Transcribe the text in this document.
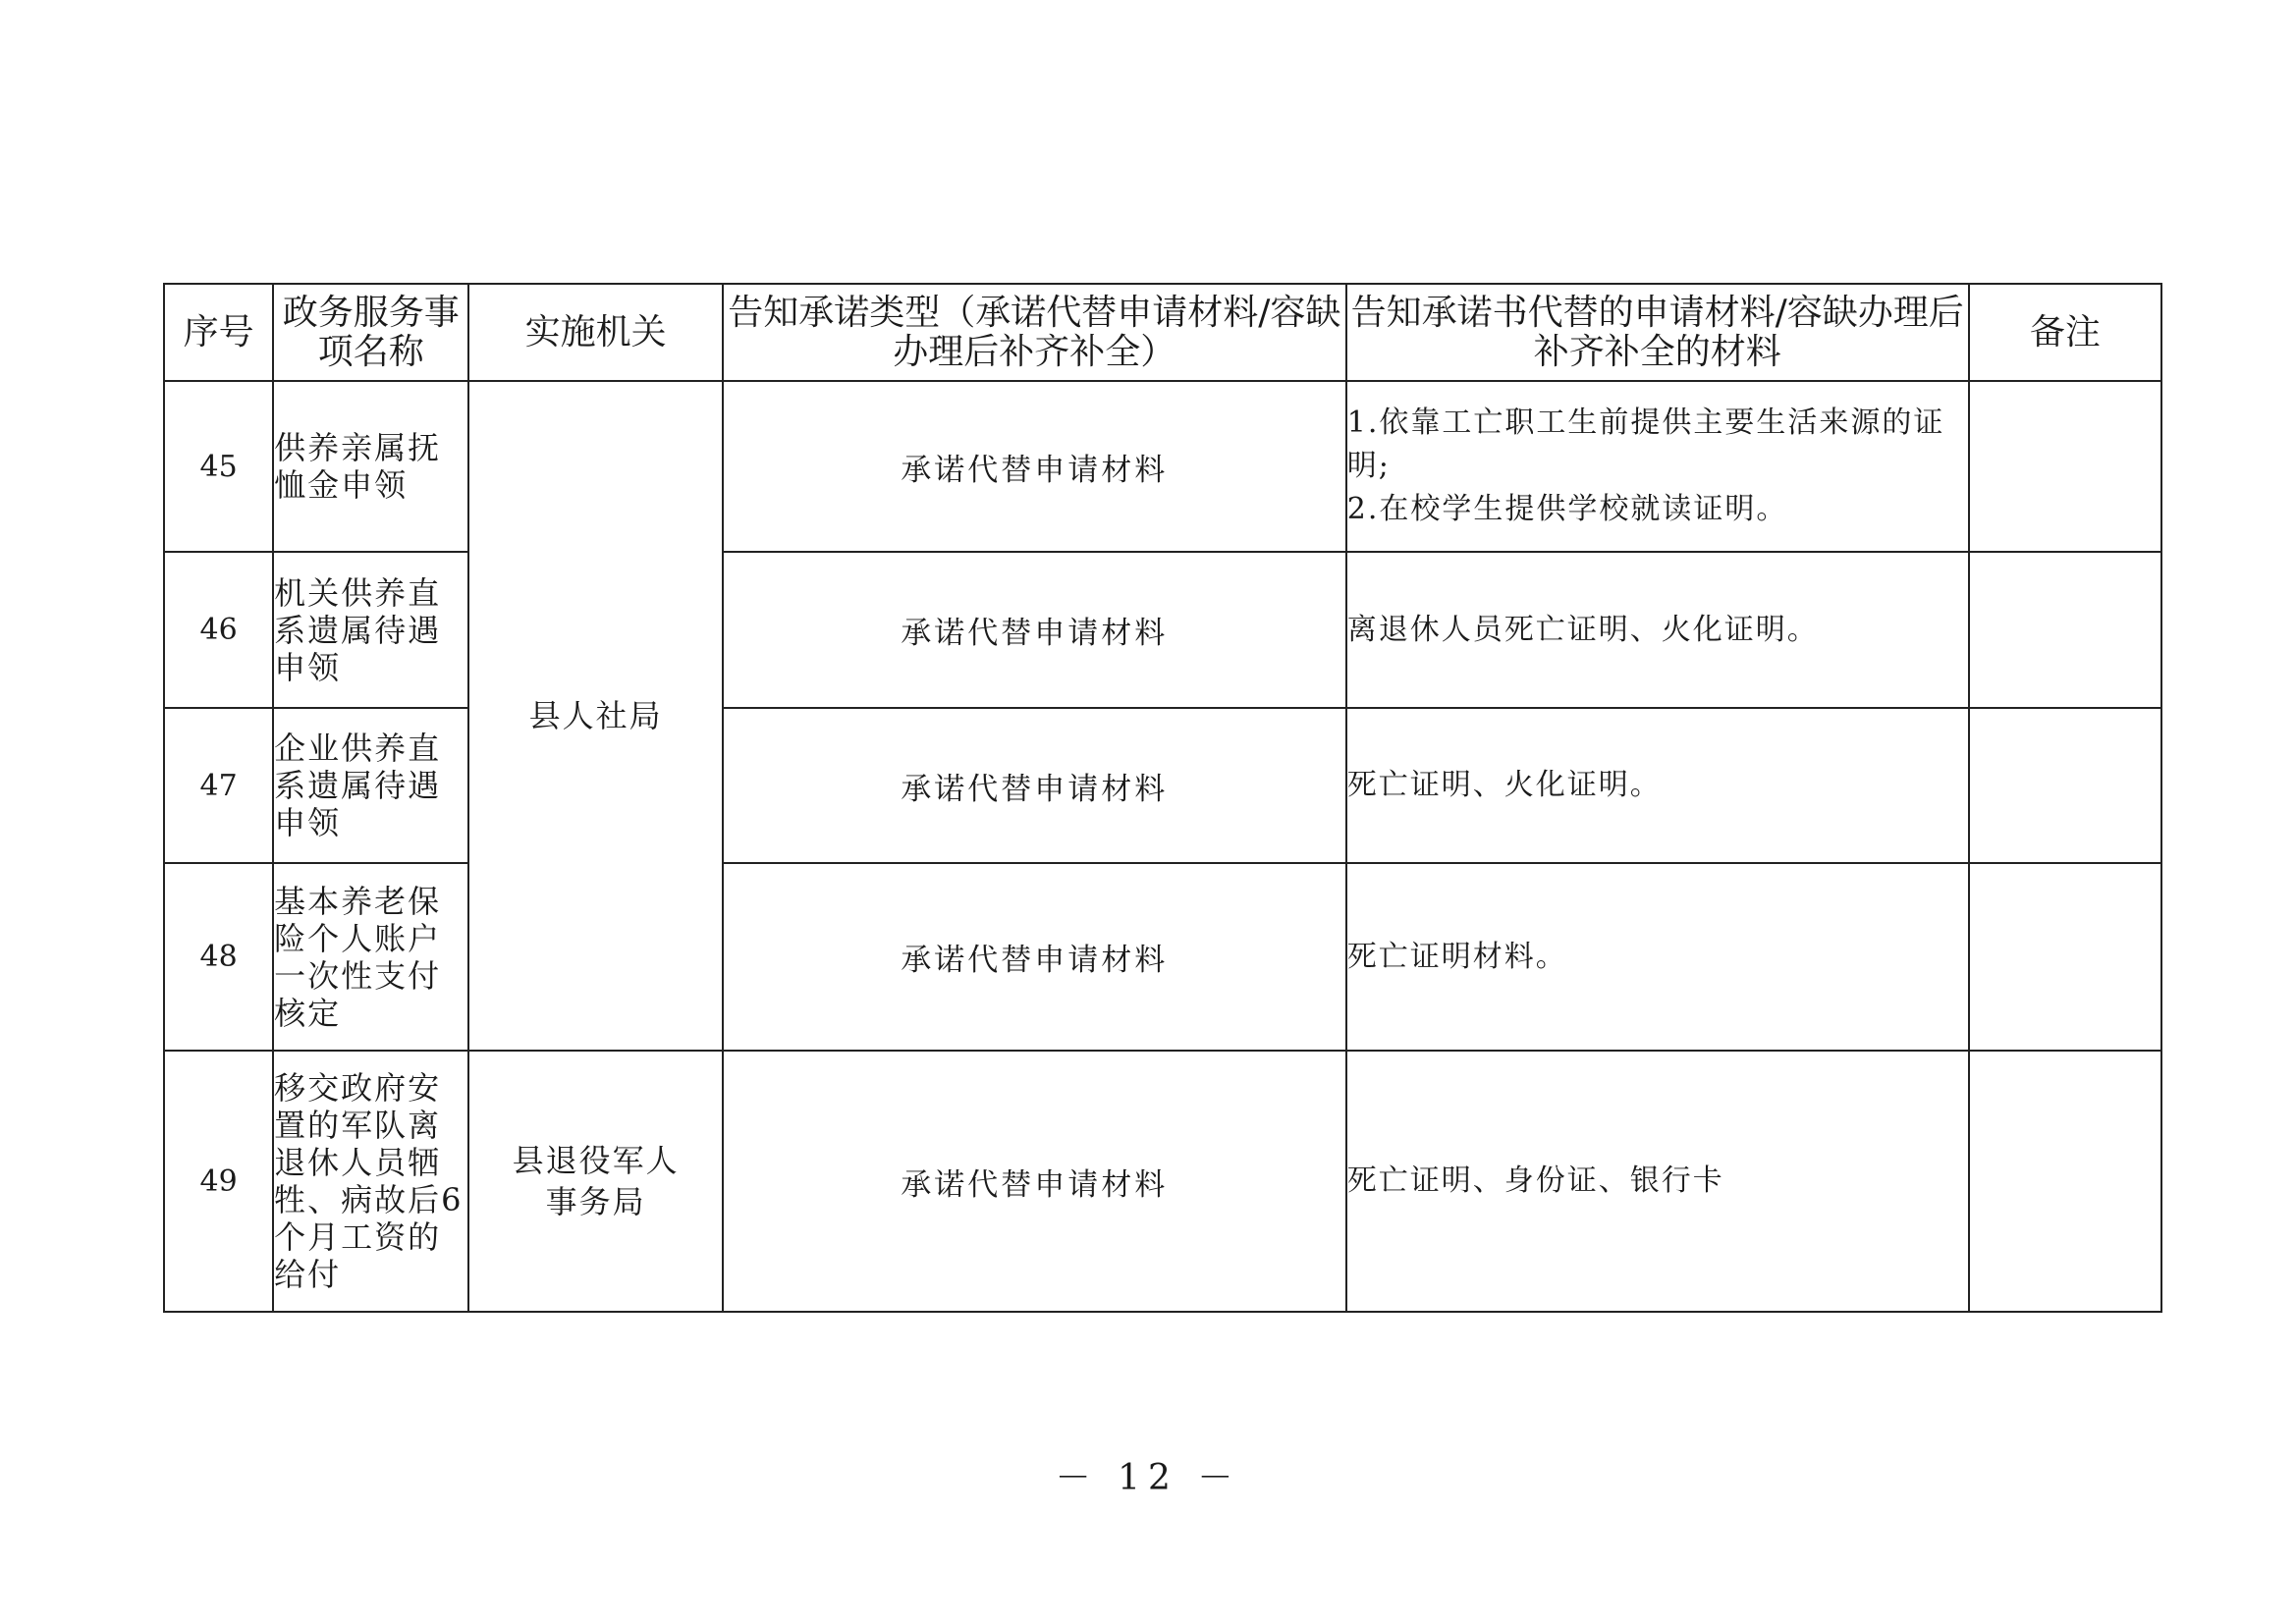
序号	政务服务事项名称	实施机关	告知承诺类型（承诺代替申请材料/容缺办理后补齐补全）	告知承诺书代替的申请材料/容缺办理后补齐补全的材料	备注
45	供养亲属抚恤金申领	县人社局	承诺代替申请材料	1.依靠工亡职工生前提供主要生活来源的证明;
2.在校学生提供学校就读证明。	

46	机关供养直系遗属待遇申领		承诺代替申请材料	离退休人员死亡证明、火化证明。	

47	企业供养直系遗属待遇申领		承诺代替申请材料	死亡证明、火化证明。	

48	基本养老保险个人账户一次性支付核定		承诺代替申请材料	死亡证明材料。	

49	移交政府安置的军队离退休人员牺牲、病故后6个月工资的给付	县退役军人事务局	承诺代替申请材料	死亡证明、身份证、银行卡	

－ 12 －
